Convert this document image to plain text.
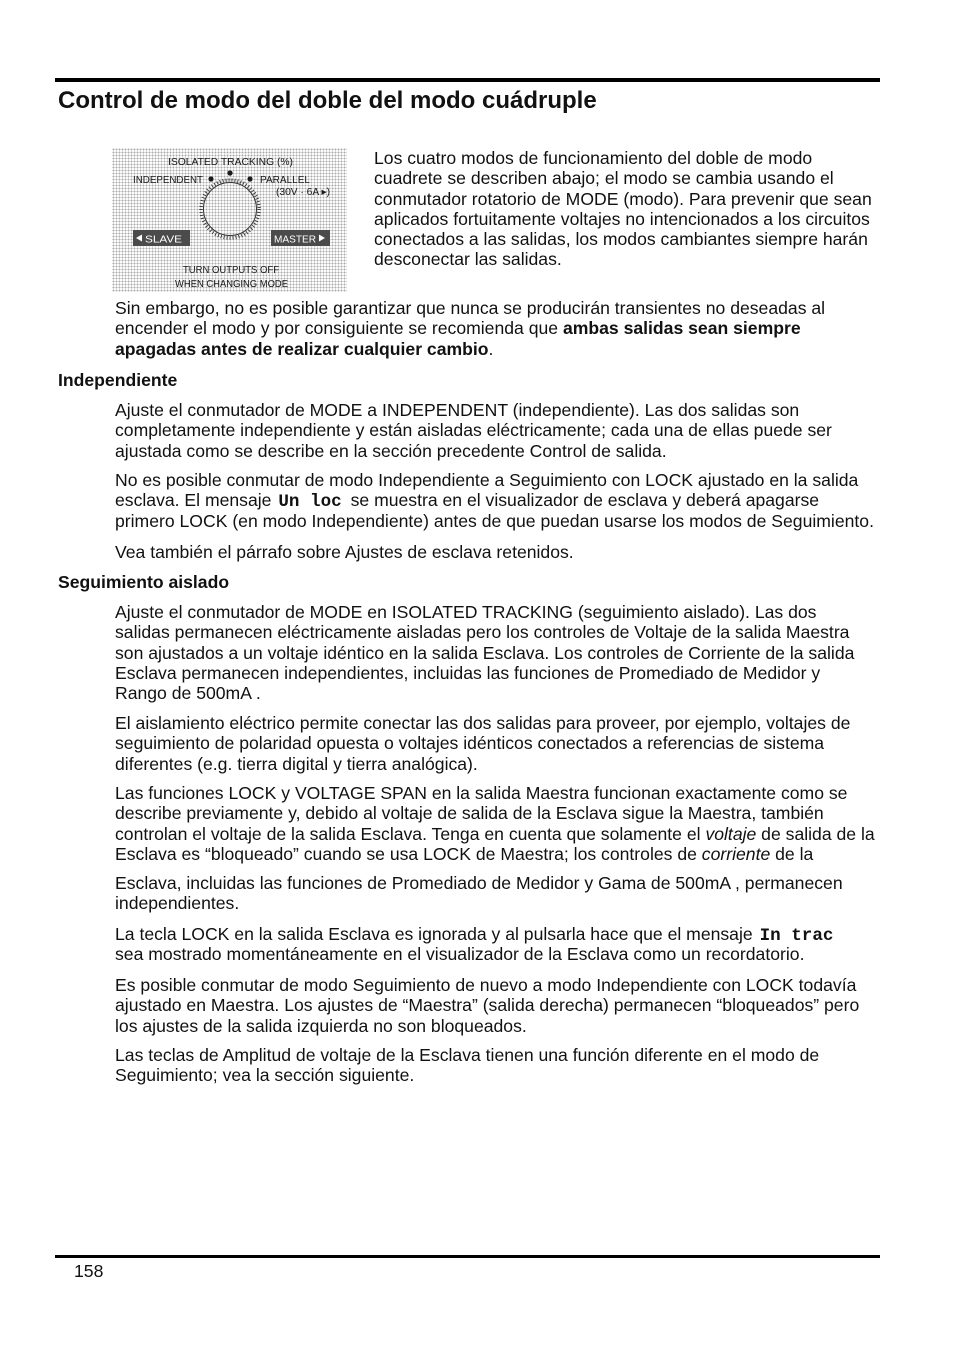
Control de modo del doble del modo cuádruple
ISOLATED TRACKING (%)
INDEPENDENT	PARALLEL
(30V · 6A ▸)
SLAVE	MASTER
TURN OUTPUTS OFF
WHEN CHANGING MODE
Los cuatro modos de funcionamiento del doble de modo
cuadrete se describen abajo; el modo se cambia usando el
conmutador rotatorio de MODE (modo). Para prevenir que sean
aplicados fortuitamente voltajes no intencionados a los circuitos
conectados a las salidas, los modos cambiantes siempre harán
desconectar las salidas.
Sin embargo, no es posible garantizar que nunca se producirán transientes no deseadas al
encender el modo y por consiguiente se recomienda que ambas salidas sean siempre
apagadas antes de realizar cualquier cambio.
Independiente
Ajuste el conmutador de MODE a INDEPENDENT (independiente). Las dos salidas son
completamente independiente y están aisladas eléctricamente; cada una de ellas puede ser
ajustada como se describe en la sección precedente Control de salida.
No es posible conmutar de modo Independiente a Seguimiento con LOCK ajustado en la salida
esclava. El mensaje Un loc se muestra en el visualizador de esclava y deberá apagarse
primero LOCK (en modo Independiente) antes de que puedan usarse los modos de Seguimiento.
Vea también el párrafo sobre Ajustes de esclava retenidos.
Seguimiento aislado
Ajuste el conmutador de MODE en ISOLATED TRACKING (seguimiento aislado). Las dos
salidas permanecen eléctricamente aisladas pero los controles de Voltaje de la salida Maestra
son ajustados a un voltaje idéntico en la salida Esclava. Los controles de Corriente de la salida
Esclava permanecen independientes, incluidas las funciones de Promediado de Medidor y
Rango de 500mA .
El aislamiento eléctrico permite conectar las dos salidas para proveer, por ejemplo, voltajes de
seguimiento de polaridad opuesta o voltajes idénticos conectados a referencias de sistema
diferentes (e.g. tierra digital y tierra analógica).
Las funciones LOCK y VOLTAGE SPAN en la salida Maestra funcionan exactamente como se
describe previamente y, debido al voltaje de salida de la Esclava sigue la Maestra, también
controlan el voltaje de la salida Esclava. Tenga en cuenta que solamente el voltaje de salida de la
Esclava es “bloqueado” cuando se usa LOCK de Maestra; los controles de corriente de la
Esclava, incluidas las funciones de Promediado de Medidor y Gama de 500mA , permanecen
independientes.
La tecla LOCK en la salida Esclava es ignorada y al pulsarla hace que el mensaje In trac
sea mostrado momentáneamente en el visualizador de la Esclava como un recordatorio.
Es posible conmutar de modo Seguimiento de nuevo a modo Independiente con LOCK todavía
ajustado en Maestra. Los ajustes de “Maestra” (salida derecha) permanecen “bloqueados” pero
los ajustes de la salida izquierda no son bloqueados.
Las teclas de Amplitud de voltaje de la Esclava tienen una función diferente en el modo de
Seguimiento; vea la sección siguiente.
158
